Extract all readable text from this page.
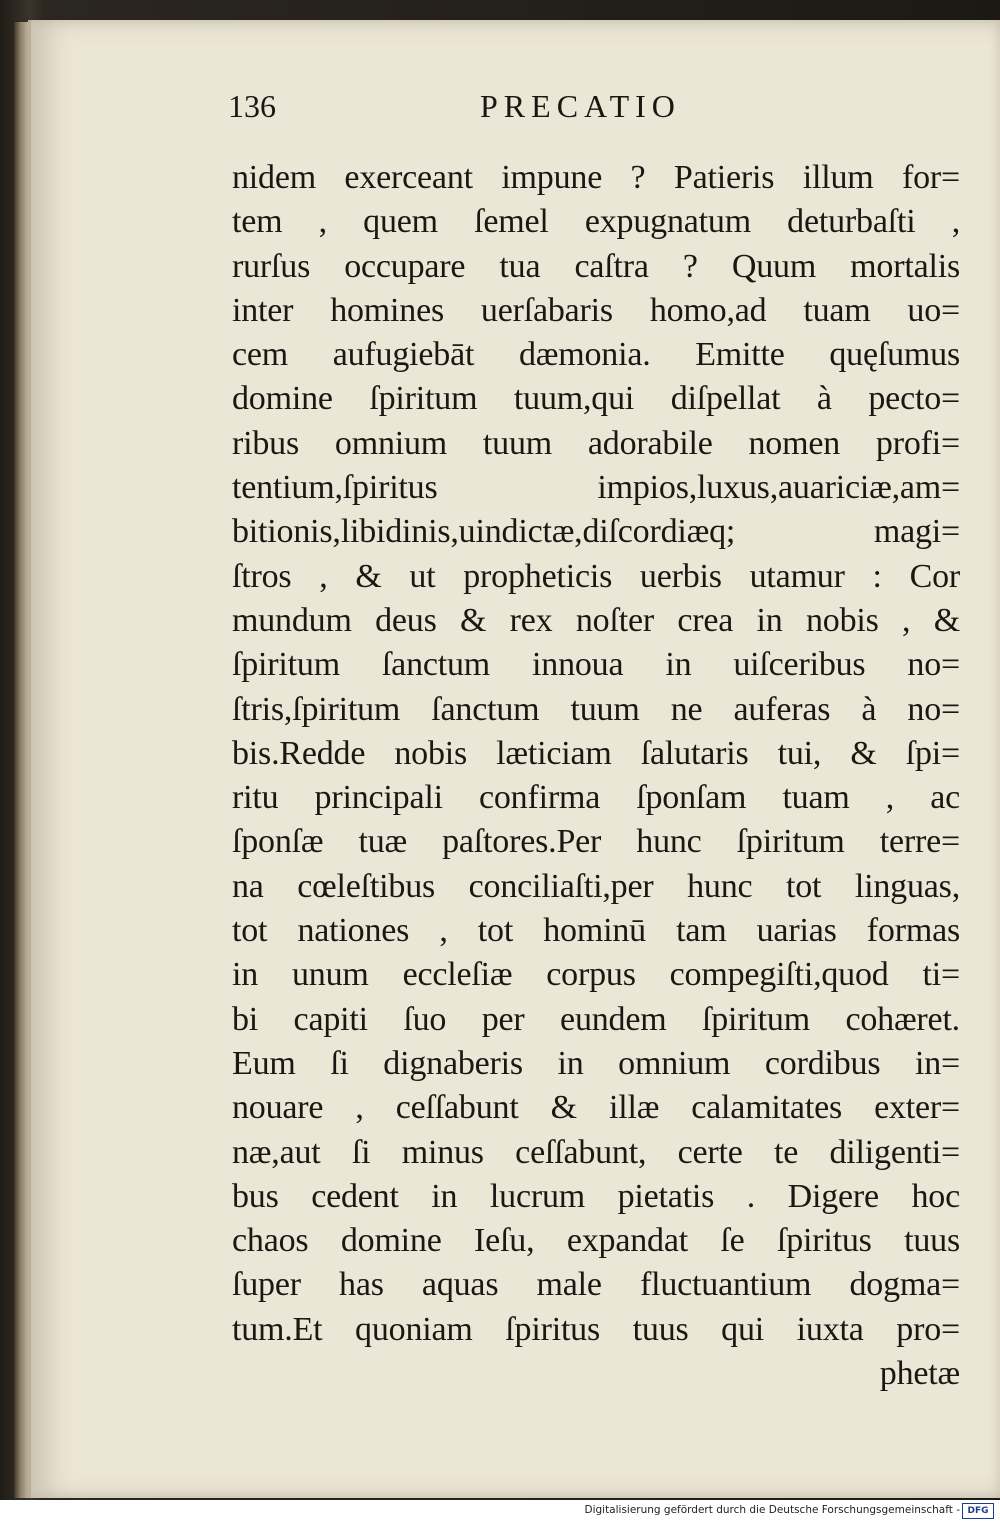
136	PRECATIO
nidem exerceant impune ? Patieris illum for=
tem , quem ſemel expugnatum deturbaſti ,
rurſus occupare tua caſtra ? Quum mortalis
inter homines uerſabaris homo,ad tuam uo=
cem aufugiebāt dæmonia. Emitte quęſumus
domine ſpiritum tuum,qui diſpellat à pecto=
ribus omnium tuum adorabile nomen profi=
tentium,ſpiritus impios,luxus,auariciæ,am=
bitionis,libidinis,uindictæ,diſcordiæq; magi=
ſtros , & ut propheticis uerbis utamur : Cor
mundum deus & rex noſter crea in nobis , &
ſpiritum ſanctum innoua in uiſceribus no=
ſtris,ſpiritum ſanctum tuum ne auferas à no=
bis.Redde nobis læticiam ſalutaris tui, & ſpi=
ritu principali confirma ſponſam tuam , ac
ſponſæ tuæ paſtores.Per hunc ſpiritum terre=
na cœleſtibus conciliaſti,per hunc tot linguas,
tot nationes , tot hominū tam uarias formas
in unum eccleſiæ corpus compegiſti,quod ti=
bi capiti ſuo per eundem ſpiritum cohæret.
Eum ſi dignaberis in omnium cordibus in=
nouare , ceſſabunt & illæ calamitates exter=
næ,aut ſi minus ceſſabunt, certe te diligenti=
bus cedent in lucrum pietatis . Digere hoc
chaos domine Ieſu, expandat ſe ſpiritus tuus
ſuper has aquas male fluctuantium dogma=
tum.Et quoniam ſpiritus tuus qui iuxta pro=
phetæ
Digitalisierung gefördert durch die Deutsche Forschungsgemeinschaft - DFG
